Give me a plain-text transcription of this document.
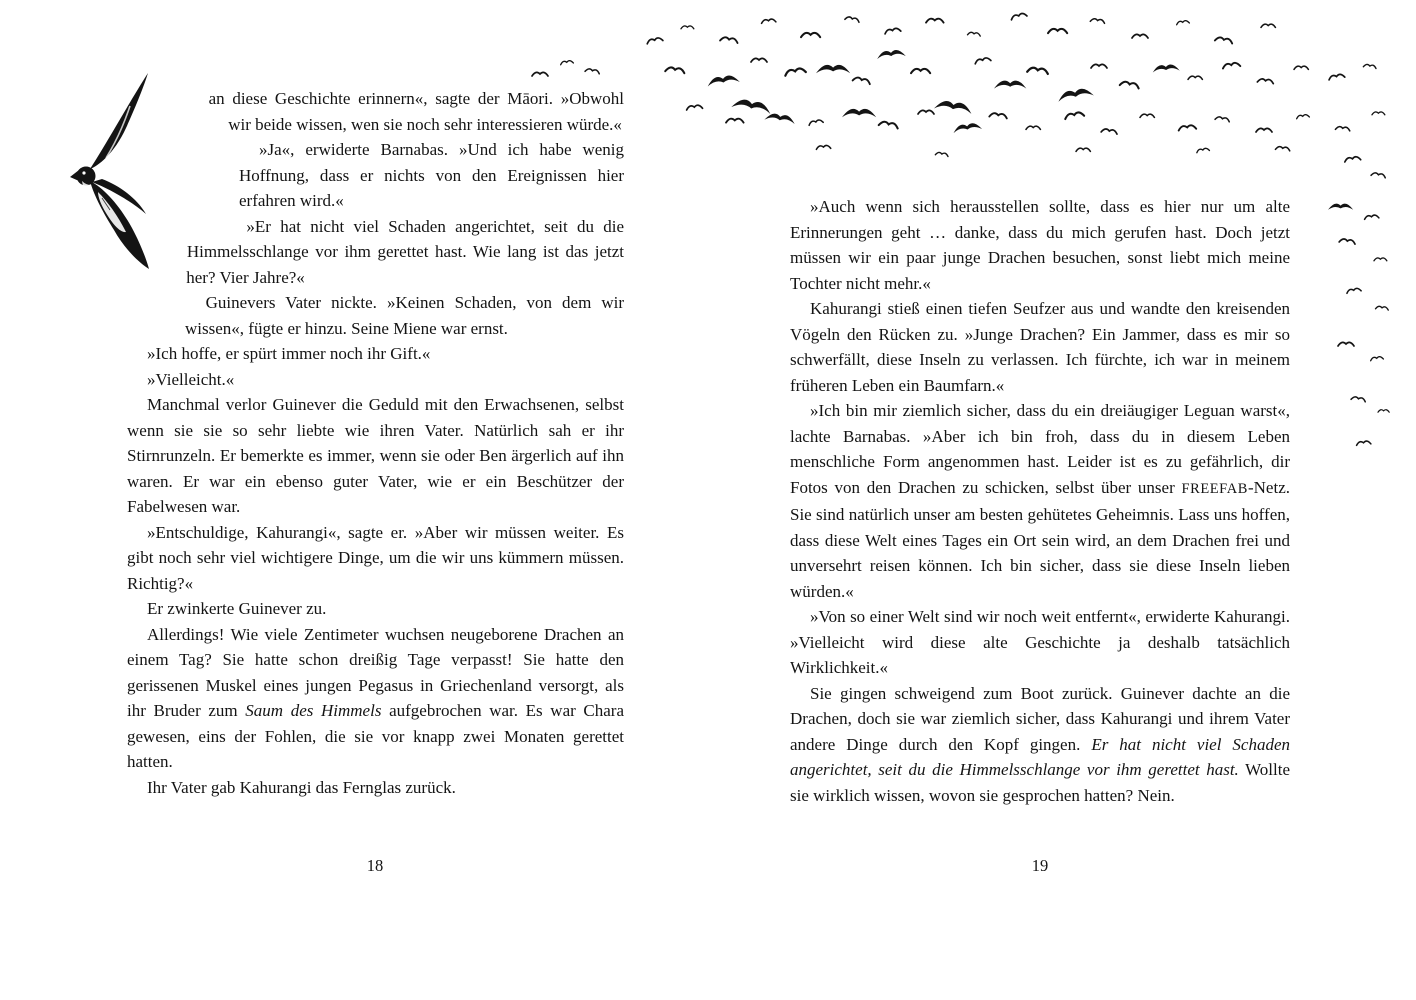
an diese Geschichte erinnern«, sagte der Māori. »Obwohl wir beide wissen, wen sie noch sehr interessieren würde.«

»Ja«, erwiderte Barnabas. »Und ich habe wenig Hoffnung, dass er nichts von den Ereignissen hier erfahren wird.«

»Er hat nicht viel Schaden angerichtet, seit du die Himmelsschlange vor ihm gerettet hast. Wie lang ist das jetzt her? Vier Jahre?«

Guinevers Vater nickte. »Keinen Schaden, von dem wir wissen«, fügte er hinzu. Seine Miene war ernst.

»Ich hoffe, er spürt immer noch ihr Gift.«

»Vielleicht.«

Manchmal verlor Guinever die Geduld mit den Erwachsenen, selbst wenn sie sie so sehr liebte wie ihren Vater. Natürlich sah er ihr Stirnrunzeln. Er bemerkte es immer, wenn sie oder Ben ärgerlich auf ihn waren. Er war ein ebenso guter Vater, wie er ein Beschützer der Fabelwesen war.

»Entschuldige, Kahurangi«, sagte er. »Aber wir müssen weiter. Es gibt noch sehr viel wichtigere Dinge, um die wir uns kümmern müssen. Richtig?«

Er zwinkerte Guinever zu.

Allerdings! Wie viele Zentimeter wuchsen neugeborene Drachen an einem Tag? Sie hatte schon dreißig Tage verpasst! Sie hatte den gerissenen Muskel eines jungen Pegasus in Griechenland versorgt, als ihr Bruder zum Saum des Himmels aufgebrochen war. Es war Chara gewesen, eins der Fohlen, die sie vor knapp zwei Monaten gerettet hatten.

Ihr Vater gab Kahurangi das Fernglas zurück.

»Auch wenn sich herausstellen sollte, dass es hier nur um alte Erinnerungen geht … danke, dass du mich gerufen hast. Doch jetzt müssen wir ein paar junge Drachen besuchen, sonst liebt mich meine Tochter nicht mehr.«

Kahurangi stieß einen tiefen Seufzer aus und wandte den kreisenden Vögeln den Rücken zu. »Junge Drachen? Ein Jammer, dass es mir so schwerfällt, diese Inseln zu verlassen. Ich fürchte, ich war in meinem früheren Leben ein Baumfarn.«

»Ich bin mir ziemlich sicher, dass du ein dreiäugiger Leguan warst«, lachte Barnabas. »Aber ich bin froh, dass du in diesem Leben menschliche Form angenommen hast. Leider ist es zu gefährlich, dir Fotos von den Drachen zu schicken, selbst über unser FREEFAB-Netz. Sie sind natürlich unser am besten gehütetes Geheimnis. Lass uns hoffen, dass diese Welt eines Tages ein Ort sein wird, an dem Drachen frei und unversehrt reisen können. Ich bin sicher, dass sie diese Inseln lieben würden.«

»Von so einer Welt sind wir noch weit entfernt«, erwiderte Kahurangi. »Vielleicht wird diese alte Geschichte ja deshalb tatsächlich Wirklichkeit.«

Sie gingen schweigend zum Boot zurück. Guinever dachte an die Drachen, doch sie war ziemlich sicher, dass Kahurangi und ihrem Vater andere Dinge durch den Kopf gingen. Er hat nicht viel Schaden angerichtet, seit du die Himmelsschlange vor ihm gerettet hast. Wollte sie wirklich wissen, wovon sie gesprochen hatten? Nein.

18	19
